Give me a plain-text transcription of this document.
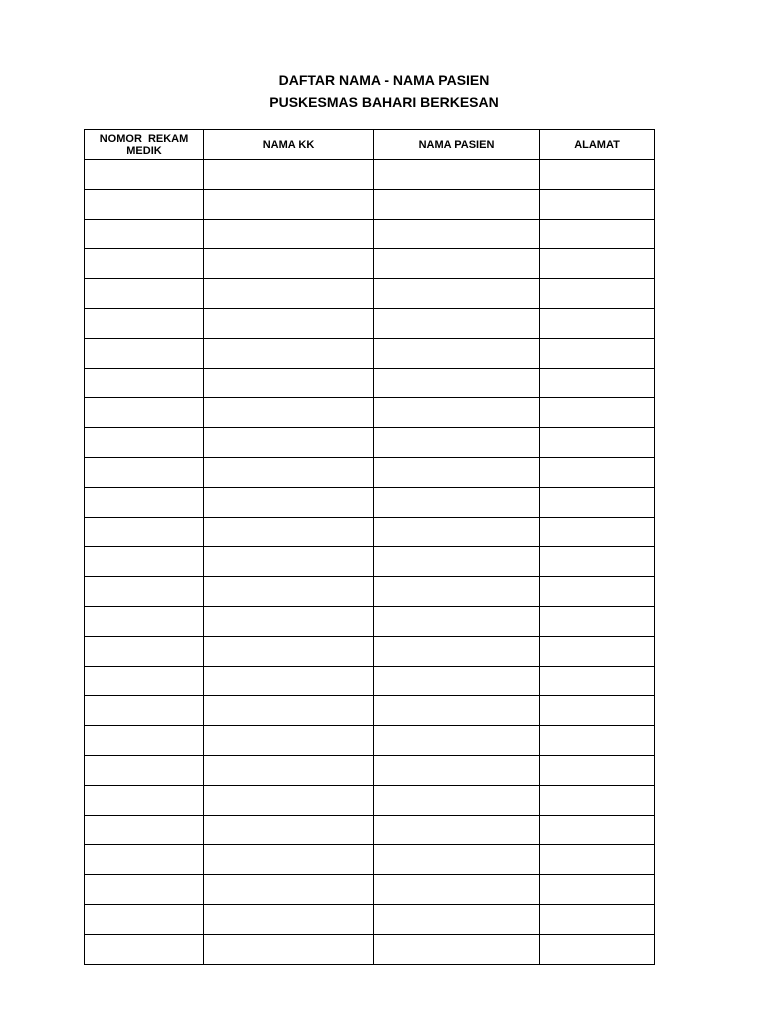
DAFTAR NAMA - NAMA PASIEN

PUSKESMAS BAHARI BERKESAN

NOMOR REKAM MEDIK	NAMA KK	NAMA PASIEN	ALAMAT
